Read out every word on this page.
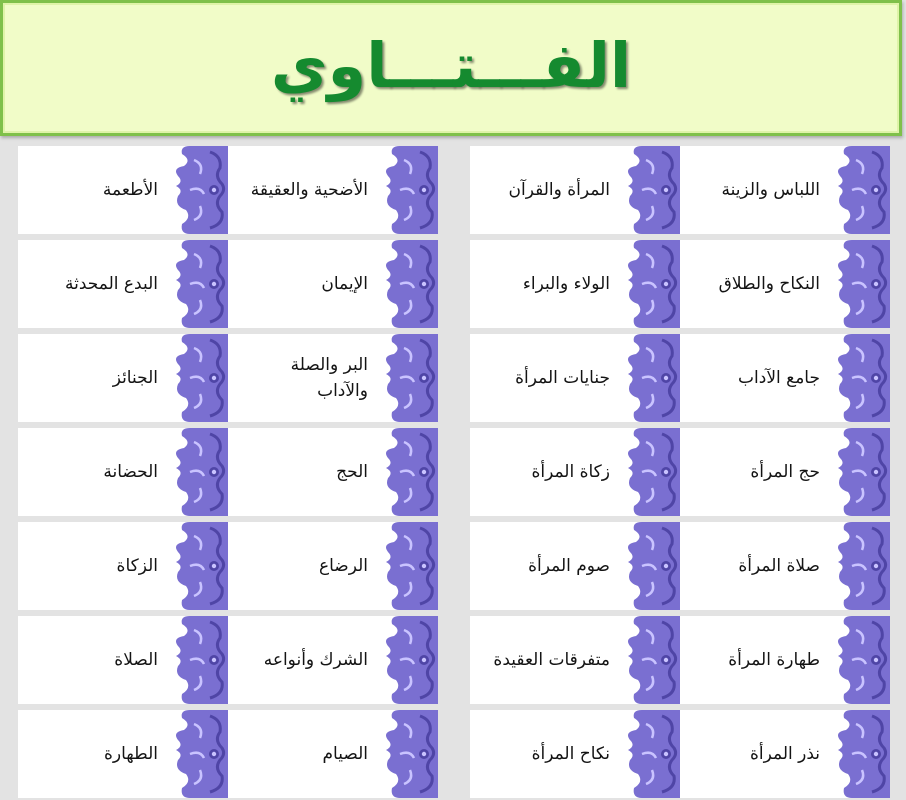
الفـــتـــاوي
اللباس والزينة
النكاح والطلاق
جامع الآداب
حج المرأة
صلاة المرأة
طهارة المرأة
نذر المرأة
المرأة والقرآن
الولاء والبراء
جنايات المرأة
زكاة المرأة
صوم المرأة
متفرقات العقيدة
نكاح المرأة
الأضحية والعقيقة
الإيمان
البر والصلة والآداب
الحج
الرضاع
الشرك وأنواعه
الصيام
الأطعمة
البدع المحدثة
الجنائز
الحضانة
الزكاة
الصلاة
الطهارة
